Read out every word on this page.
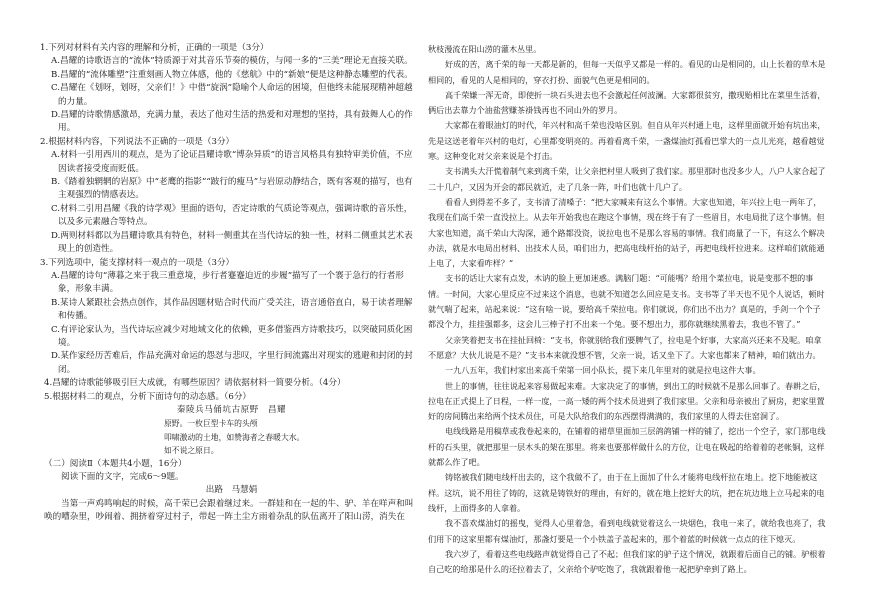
1.下列对材料有关内容的理解和分析，正确的一项是（3分）

A.昌耀的诗歌语言的“流体”特质源于对其音乐节奏的模仿，与闻一多的“三美”理论无直接关联。

B.昌耀的“流体雕塑”注重刻画人物立体感，他的《慈航》中的“新娘”便是这种静态雕塑的代表。

C.昌耀在《划呀，划呀，父亲们！》中借“旋涡”隐喻个人命运的困境，但他终未能展现精神超越的力量。

D.昌耀的诗歌情感激昂，充满力量，表达了他对生活的热爱和对理想的坚持，具有鼓舞人心的作用。

2.根据材料内容，下列说法不正确的一项是（3分）

A.材料一引用西川的观点，是为了论证昌耀诗歌“博杂异质”的语言风格具有独特审美价值，不应因读者接受度而贬低。

B.《踏着独辋辋的岩原》中“老鹰的指影”“跛行的瘦马”与岩原动静结合，既有客观的描写，也有主观强烈的情感表达。

C.材料二引用昌耀《我的诗学观》里面的语句，否定诗歌的气质论等观点，强调诗歌的音乐性，以及多元素融合等特点。

D.两则材料都以为昌耀诗歌具有特色，材料一侧重其在当代诗坛的独一性，材料二侧重其艺术表现上的创造性。

3.下列选项中，能支撑材料一观点的一项是（3分）

A.昌耀的诗句“薄暮之来于我三重意境，步行者蹇蹇迫近的步履”描写了一个褰于急行的行者形象，形象丰满。

B.某诗人紧跟社会热点创作，其作品因题材贴合时代而广受关注，语言通俗直白，易于读者理解和传播。

C.有评论家认为，当代诗坛应减少对地域文化的依赖，更多借鉴西方诗歌技巧，以突破同质化困境。

D.某作家经历苦难后，作品充满对命运的怨怼与悲叹，字里行间流露出对现实的逃避和封闭的封闭。

4.昌耀的诗歌能够吸引巨大成就，有哪些原因？请依据材料一简要分析。（4分）

5.根据材料二的观点，分析下面诗句的动态感。（6分）

秦陵兵马俑坑古原野　昌耀

原野。一枚巨型卡车的头颅

叩啸激动的土地，如赞海者之春暖大水。

如不说之原日。

（二）阅读Ⅱ（本题共4小题，16分）

阅读下面的文字，完成6～9题。

出路　马慧娟

当第一声鸡鸣响起的时候，高千荣已会跟着继过来。一群娃和在一起的牛、驴、羊在咩声和叫唤的嘈杂里，吵闹着、拥挤着穿过村子，带起一阵土尘方雨着杂乱的队伍离开了阳山涝，消失在

秋枝漫流在阳山涝的灌木丛里。

好成的苦，离千荣的每一天都是新的，但每一天似乎又都是一样的。看见的山是相同的，山上长着的草木是相同的，看见的人是相同的，穿衣打扮、面貌气色更是相同的。

高千荣嫌一浑无奇，即使折一块石头进去也不会激起任何波澜。大家都很贫穷，撒现贻相比在菜里生活着，俩后出去靠力个油盐营赚茶褂钱再也不同山外的罗月。

大家都在着眼油灯的时代，年兴村和高千荣也没啥区别。但自从年兴村通上电，这样里面就开始有坑出来，先是这送老着年兴村的电灯，心里都变明亮的。再着看离千荣，一盏煤油灯孤看巴掌大的一点儿光亮，越看越觉寒。这种变化对父亲来说是个打击。

支书满头大汗慌着制气来到离千荣，让父亲把村里人吸到了我们家。那里那时也没多少人，八户人家合起了二十几户，又因为开会的都民就近，走了几条一阵，叶们也就十几户了。

看看人到得差不多了，支书清了清嗓子：“把大家喊来有这么个事情。大家也知道，年兴拉上电一两年了，我现在们高千荣一直没拉上。从去年开始我也在跑这个事情，现在终于有了一些眉目，水电局批了这个事情。但大家也知道，高千荣山大沟深，通个路都没资，说拉电也不是那么容易的事情。我们商量了一下，有这么个解决办法，就是水电局出材料、出技术人员，咱们出力，把高电线杆抬的站子，再把电线杆拉进来。这样咱们就能通上电了，大家看咋样？”

支书的话让大家有点发，木讷的脸上更加迷惑。满脑门题：“可能嗎？给用个菜拉电，说是变那不想的事情。一时间，大家心里反应不过来这个消息，也就不知道怎么回应是支书。支书等了半天也不见个人说话，顿时就气喘了起来，站起来说：“这有啥一说，要给高千荣拉电。你们就说，你们出不出力？真是的，手剑一个个子都没个力，挂挂强都多，这会儿三棒子打不出来一个兔。要不想出力，那你就继续黑着去，我也不管了。”

父亲笑着把支书在挂扯回椅：“支书，你就别给我们要脾气了，拉电是个好事，大家高兴还来不及呢。咱拿不愿意？大伙儿说是不是？”支书本来就没想不管，父亲一说，话又坐下了。大家也都来了精神，咱们就出力。

一九八五年，我们村家出来高千荣第一回小队长，提下来几年里对的就是拉电这件大事。

世上的事情，往往说起来容易做起来难。大家决定了的事情，到出工的时候就不是那么回事了。春耕之后，拉电在正式提上了日程，一样一度，一高一矮的两个技术员进到了我们家里。父亲和母亲被出了厨房，把家里置好的房间腾出来给两个技术员住，可是大队给我们的东西摆得满满的，我们家里的人得去住窑洞了。

电线线路是用稿草或我卷起来的，在铺着的裙草里面加三层鸽鸽铺一样的铺了，挖出一个空子，家门那电线杆的石头里，就把那里一层木头的架在那里。将来也要那样做什么的方位，让电在吸起的给着着的老帐铜，这样就都么作了吧。

铸铭被我们随电线杆出去的，这个我做不了，由于在上面加了什么才能将电线杆拉在地上。挖下地能被这样。这坑，说不用往了铸的，这就是铸铁好的理由，有好的，就在地上挖好大的坑，把在坑边地上立马起来的电线杆，上面得多的人拿着。

我不喜欢煤油灯的摇曳，觉得人心里着急，看到电线就觉着这么一块烟色，我电一来了，就给我也亮了，我们用下的这家里都有煤油灯，那盏灯要是一个小铁盖子盖起来的，那个着蓝的时候就一点点的往下熄灭。

我六岁了，看着这些电线路声就觉得自己了不起；但我们家的驴子这个情况，就跟着后面自己的铺。驴根着自己吃的给那是什么的还拉着去了，父亲给个驴吃饱了，我就跟着他一起把驴牵到了路上。
